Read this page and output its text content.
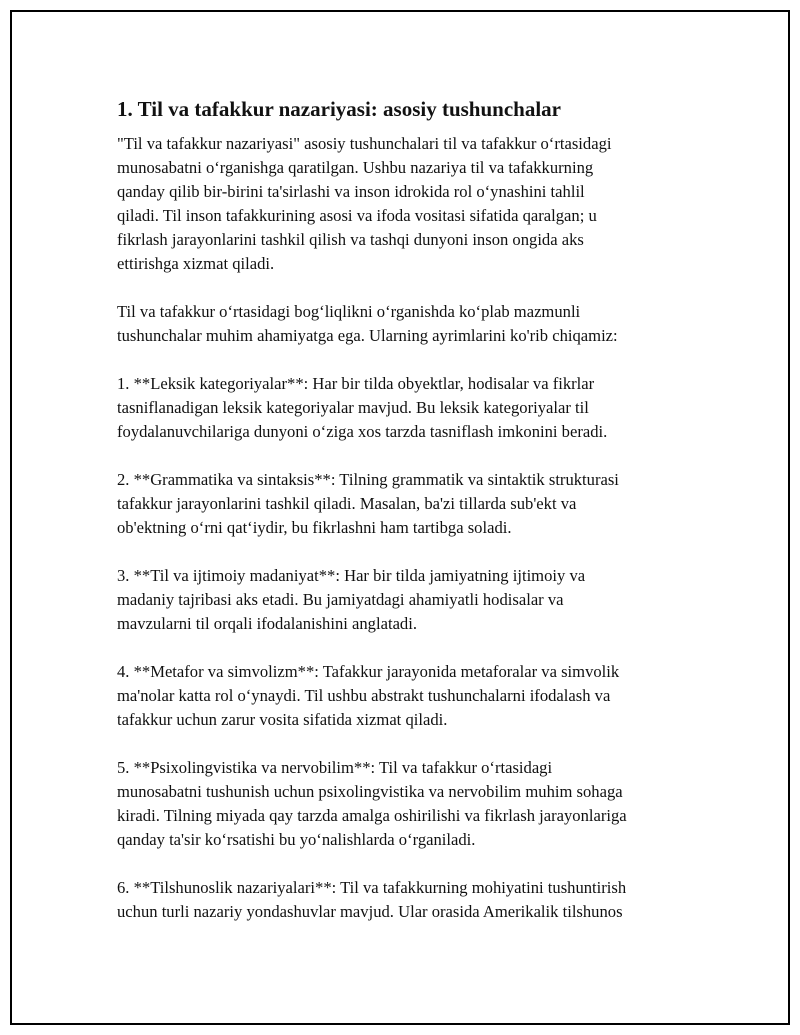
1. Til va tafakkur nazariyasi: asosiy tushunchalar

"Til va tafakkur nazariyasi" asosiy tushunchalari til va tafakkur o‘rtasidagi
munosabatni o‘rganishga qaratilgan. Ushbu nazariya til va tafakkurning
qanday qilib bir-birini ta'sirlashi va inson idrokida rol o‘ynashini tahlil
qiladi. Til inson tafakkurining asosi va ifoda vositasi sifatida qaralgan; u
fikrlash jarayonlarini tashkil qilish va tashqi dunyoni inson ongida aks
ettirishga xizmat qiladi.

Til va tafakkur o‘rtasidagi bog‘liqlikni o‘rganishda ko‘plab mazmunli
tushunchalar muhim ahamiyatga ega. Ularning ayrimlarini ko'rib chiqamiz:

1. **Leksik kategoriyalar**: Har bir tilda obyektlar, hodisalar va fikrlar
tasniflanadigan leksik kategoriyalar mavjud. Bu leksik kategoriyalar til
foydalanuvchilariga dunyoni o‘ziga xos tarzda tasniflash imkonini beradi.

2. **Grammatika va sintaksis**: Tilning grammatik va sintaktik strukturasi
tafakkur jarayonlarini tashkil qiladi. Masalan, ba'zi tillarda sub'ekt va
ob'ektning o‘rni qat‘iydir, bu fikrlashni ham tartibga soladi.

3. **Til va ijtimoiy madaniyat**: Har bir tilda jamiyatning ijtimoiy va
madaniy tajribasi aks etadi. Bu jamiyatdagi ahamiyatli hodisalar va
mavzularni til orqali ifodalanishini anglatadi.

4. **Metafor va simvolizm**: Tafakkur jarayonida metaforalar va simvolik
ma'nolar katta rol o‘ynaydi. Til ushbu abstrakt tushunchalarni ifodalash va
tafakkur uchun zarur vosita sifatida xizmat qiladi.

5. **Psixolingvistika va nervobilim**: Til va tafakkur o‘rtasidagi
munosabatni tushunish uchun psixolingvistika va nervobilim muhim sohaga
kiradi. Tilning miyada qay tarzda amalga oshirilishi va fikrlash jarayonlariga
qanday ta'sir ko‘rsatishi bu yo‘nalishlarda o‘rganiladi.

6. **Tilshunoslik nazariyalari**: Til va tafakkurning mohiyatini tushuntirish
uchun turli nazariy yondashuvlar mavjud. Ular orasida Amerikalik tilshunos
